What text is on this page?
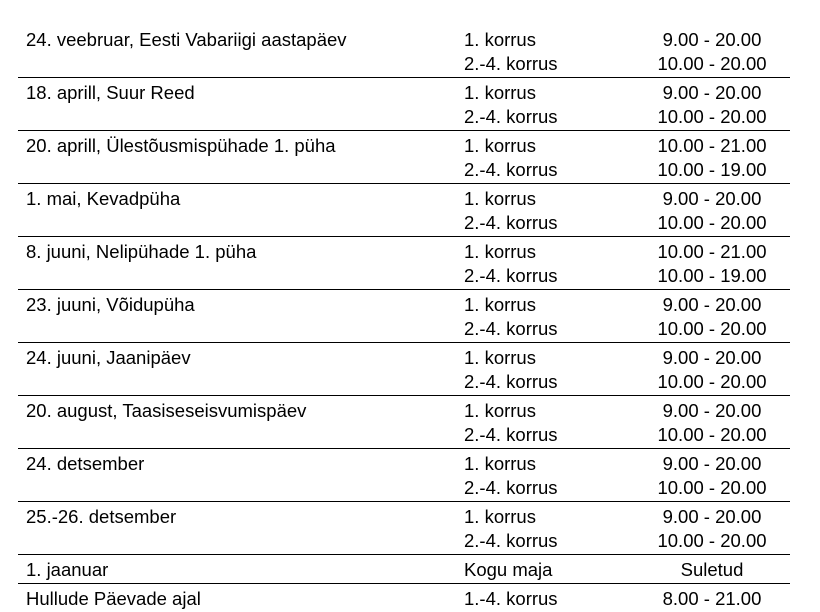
24. veebruar, Eesti Vabariigi aastapäev	1. korrus	9.00 - 20.00
2.-4. korrus	10.00 - 20.00
18. aprill, Suur Reed	1. korrus	9.00 - 20.00
2.-4. korrus	10.00 - 20.00
20. aprill, Ülestõusmispühade 1. püha	1. korrus	10.00 - 21.00
2.-4. korrus	10.00 - 19.00
1. mai, Kevadpüha	1. korrus	9.00 - 20.00
2.-4. korrus	10.00 - 20.00
8. juuni, Nelipühade 1. püha	1. korrus	10.00 - 21.00
2.-4. korrus	10.00 - 19.00
23. juuni, Võidupüha	1. korrus	9.00 - 20.00
2.-4. korrus	10.00 - 20.00
24. juuni, Jaanipäev	1. korrus	9.00 - 20.00
2.-4. korrus	10.00 - 20.00
20. august, Taasiseseisvumispäev	1. korrus	9.00 - 20.00
2.-4. korrus	10.00 - 20.00
24. detsember	1. korrus	9.00 - 20.00
2.-4. korrus	10.00 - 20.00
25.-26. detsember	1. korrus	9.00 - 20.00
2.-4. korrus	10.00 - 20.00
1. jaanuar	Kogu maja	Suletud
Hullude Päevade ajal	1.-4. korrus	8.00 - 21.00
